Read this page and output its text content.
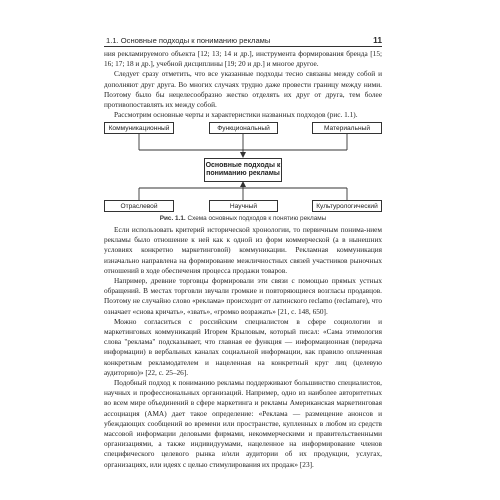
1.1. Основные подходы к пониманию рекламы	11

ния рекламируемого объекта [12; 13; 14 и др.], инструмента формирования бренда [15; 16; 17; 18 и др.], учебной дисциплины [19; 20 и др.] и многое другое.

Следует сразу отметить, что все указанные подходы тесно связаны между собой и дополняют друг друга. Во многих случаях трудно даже провести границу между ними. Поэтому было бы нецелесообразно жестко отделять их друг от друга, тем более противопоставлять их между собой.

Рассмотрим основные черты и характеристики названных подходов (рис. 1.1).

Коммуникационный	Функциональный	Материальный
Основные подходы к пониманию рекламы
Отраслевой	Научный	Культурологический
Рис. 1.1. Схема основных подходов к понятию рекламы

Если использовать критерий исторической хронологии, то первичным понима-нием рекламы было отношение к ней как к одной из форм коммерческой (а в нынешних условиях конкретно маркетинговой) коммуникации. Рекламная коммуникация изначально направлена на формирование межличностных связей участников рыночных отношений в ходе обеспечения процесса продажи товаров.

Например, древние торговцы формировали эти связи с помощью прямых устных обращений. В местах торговли звучали громкие и повторяющиеся возгласы продавцов. Поэтому не случайно слово «реклама» происходит от латинского reclamo (reclamare), что означает «снова кричать», «звать», «громко возражать» [21, с. 148, 650].

Можно согласиться с российским специалистом в сфере социологии и маркетинговых коммуникаций Игорем Крыловым, который писал: «Сама этимология слова "реклама" подсказывает, что главная ее функция — информационная (передача информации) в вербальных каналах социальной информации, как правило оплаченная конкретным рекламодателем и нацеленная на конкретный круг лиц (целевую аудиторию)» [22, с. 25–26].

Подобный подход к пониманию рекламы поддерживают большинство специалистов, научных и профессиональных организаций. Например, одно из наиболее авторитетных во всем мире объединений в сфере маркетинга и рекламы Американская маркетинговая ассоциация (AMA) дает такое определение: «Реклама — размещение анонсов и убеждающих сообщений во времени или пространстве, купленных в любом из средств массовой информации деловыми фирмами, некоммерческими и правительственными организациями, а также индивидуумами, нацеленное на информирование членов специфического целевого рынка и/или аудитории об их продукции, услугах, организациях, или идеях с целью стимулирования их продаж» [23].
